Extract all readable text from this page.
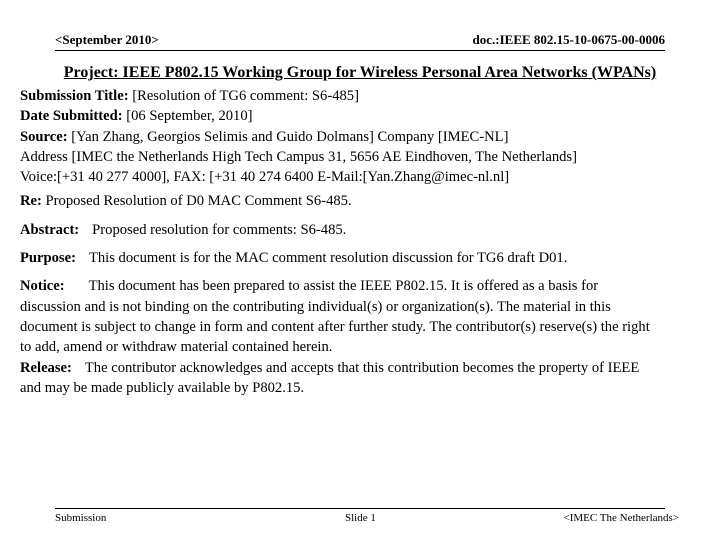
<September 2010>	doc.:IEEE 802.15-10-0675-00-0006
Project: IEEE P802.15 Working Group for Wireless Personal Area Networks (WPANs)
Submission Title: [Resolution of TG6 comment: S6-485]
Date Submitted: [06 September, 2010]
Source: [Yan Zhang, Georgios Selimis and Guido Dolmans] Company [IMEC-NL]
Address [IMEC the Netherlands High Tech Campus 31, 5656 AE Eindhoven, The Netherlands]
Voice:[+31 40 277 4000], FAX: [+31 40 274 6400 E-Mail:[Yan.Zhang@imec-nl.nl]
Re: Proposed Resolution of D0 MAC Comment S6-485.
Abstract: Proposed resolution for comments: S6-485.
Purpose: This document is for the MAC comment resolution discussion for TG6 draft D01.
Notice: This document has been prepared to assist the IEEE P802.15. It is offered as a basis for
discussion and is not binding on the contributing individual(s) or organization(s). The material in this
document is subject to change in form and content after further study. The contributor(s) reserve(s) the right
to add, amend or withdraw material contained herein.
Release: The contributor acknowledges and accepts that this contribution becomes the property of IEEE
and may be made publicly available by P802.15.
Submission	Slide 1	<IMEC The Netherlands>
